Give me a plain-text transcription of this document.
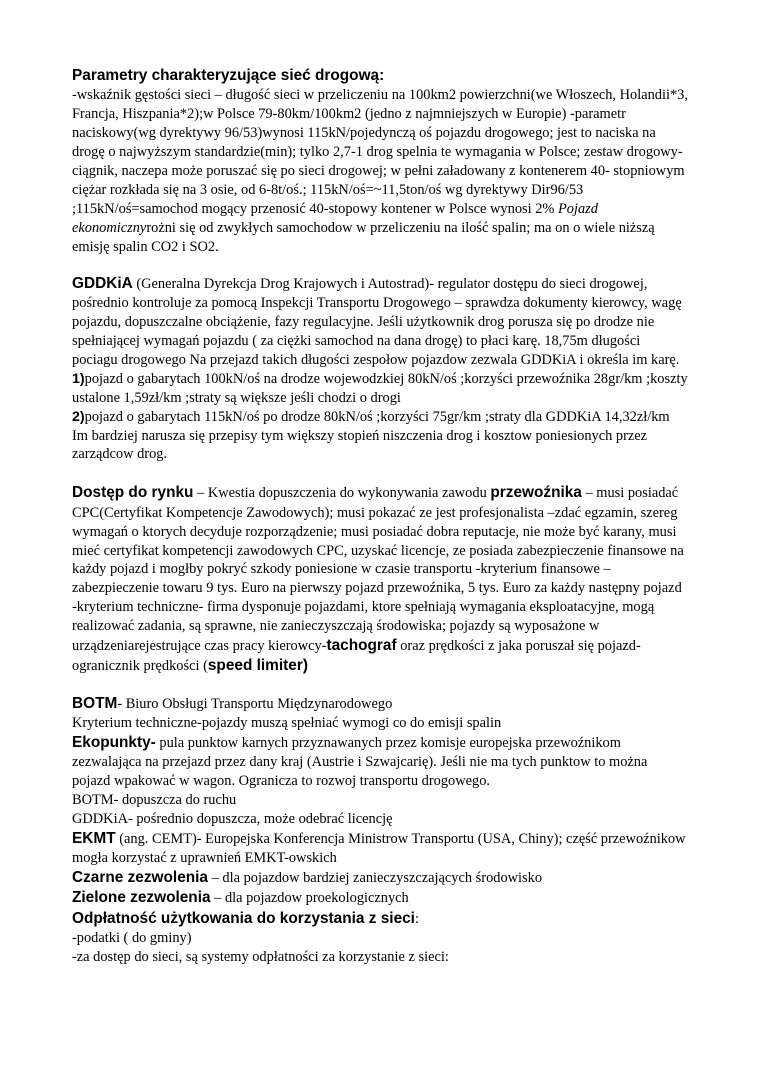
Parametry charakteryzujące sieć drogową:

-wskaźnik gęstości sieci – długość sieci w przeliczeniu na 100km2 powierzchni(we Włoszech, Holandii*3, Francja, Hiszpania*2);w Polsce 79-80km/100km2 (jedno z najmniejszych w Europie) -parametr naciskowy(wg dyrektywy 96/53)wynosi 115kN/pojedynczą oś pojazdu drogowego; jest to naciska na drogę o najwyższym standardzie(min); tylko 2,7-1 drog spelnia te wymagania w Polsce; zestaw drogowy-ciągnik, naczepa może poruszać się po sieci drogowej; w pełni załadowany z kontenerem 40- stopniowym ciężar rozkłada się na 3 osie, od 6-8t/oś.; 115kN/oś=~11,5ton/oś wg dyrektywy Dir96/53 ;115kN/oś=samochod mogący przenosić 40-stopowy kontener w Polsce wynosi 2% Pojazd ekonomicznyrożni się od zwykłych samochodow w przeliczeniu na ilość spalin; ma on o wiele niższą emisję spalin CO2 i SO2.

GDDKiA (Generalna Dyrekcja Drog Krajowych i Autostrad)- regulator dostępu do sieci drogowej, pośrednio kontroluje za pomocą Inspekcji Transportu Drogowego – sprawdza dokumenty kierowcy, wagę pojazdu, dopuszczalne obciążenie, fazy regulacyjne. Jeśli użytkownik drog porusza się po drodze nie spełniającej wymagań pojazdu ( za ciężki samochod na dana drogę) to płaci karę. 18,75m długości pociagu drogowego Na przejazd takich długości zespołow pojazdow zezwala GDDKiA i określa im karę.

1)pojazd o gabarytach 100kN/oś na drodze wojewodzkiej 80kN/oś ;korzyści przewoźnika 28gr/km ;koszty ustalone 1,59zł/km ;straty są większe jeśli chodzi o drogi

2)pojazd o gabarytach 115kN/oś po drodze 80kN/oś ;korzyści 75gr/km ;straty dla GDDKiA 14,32zł/km Im bardziej narusza się przepisy tym większy stopień niszczenia drog i kosztow poniesionych przez zarządcow drog.

Dostęp do rynku – Kwestia dopuszczenia do wykonywania zawodu przewoźnika – musi posiadać CPC(Certyfikat Kompetencje Zawodowych); musi pokazać ze jest profesjonalista –zdać egzamin, szereg wymagań o ktorych decyduje rozporządzenie; musi posiadać dobra reputacje, nie może być karany, musi mieć certyfikat kompetencji zawodowych CPC, uzyskać licencje, ze posiada zabezpieczenie finansowe na każdy pojazd i mogłby pokryć szkody poniesione w czasie transportu -kryterium finansowe – zabezpieczenie towaru 9 tys. Euro na pierwszy pojazd przewoźnika, 5 tys. Euro za każdy następny pojazd -kryterium techniczne- firma dysponuje pojazdami, ktore spełniają wymagania eksploatacyjne, mogą realizować zadania, są sprawne, nie zanieczyszczają środowiska; pojazdy są wyposażone w urządzeniarejestrujące czas pracy kierowcy-tachograf oraz prędkości z jaka poruszał się pojazd-ogranicznik prędkości (speed limiter)

BOTM- Biuro Obsługi Transportu Międzynarodowego

Kryterium techniczne-pojazdy muszą spełniać wymogi co do emisji spalin

Ekopunkty- pula punktow karnych przyznawanych przez komisje europejska przewoźnikom zezwalająca na przejazd przez dany kraj (Austrie i Szwajcarię). Jeśli nie ma tych punktow to można pojazd wpakować w wagon. Ogranicza to rozwoj transportu drogowego.

BOTM- dopuszcza do ruchu

GDDKiA- pośrednio dopuszcza, może odebrać licencję

EKMT (ang. CEMT)- Europejska Konferencja Ministrow Transportu (USA, Chiny); część przewoźnikow mogła korzystać z uprawnień EMKT-owskich

Czarne zezwolenia – dla pojazdow bardziej zanieczyszczających środowisko

Zielone zezwolenia – dla pojazdow proekologicznych

Odpłatność użytkowania do korzystania z sieci:

-podatki ( do gminy)

-za dostęp do sieci, są systemy odpłatności za korzystanie z sieci:
